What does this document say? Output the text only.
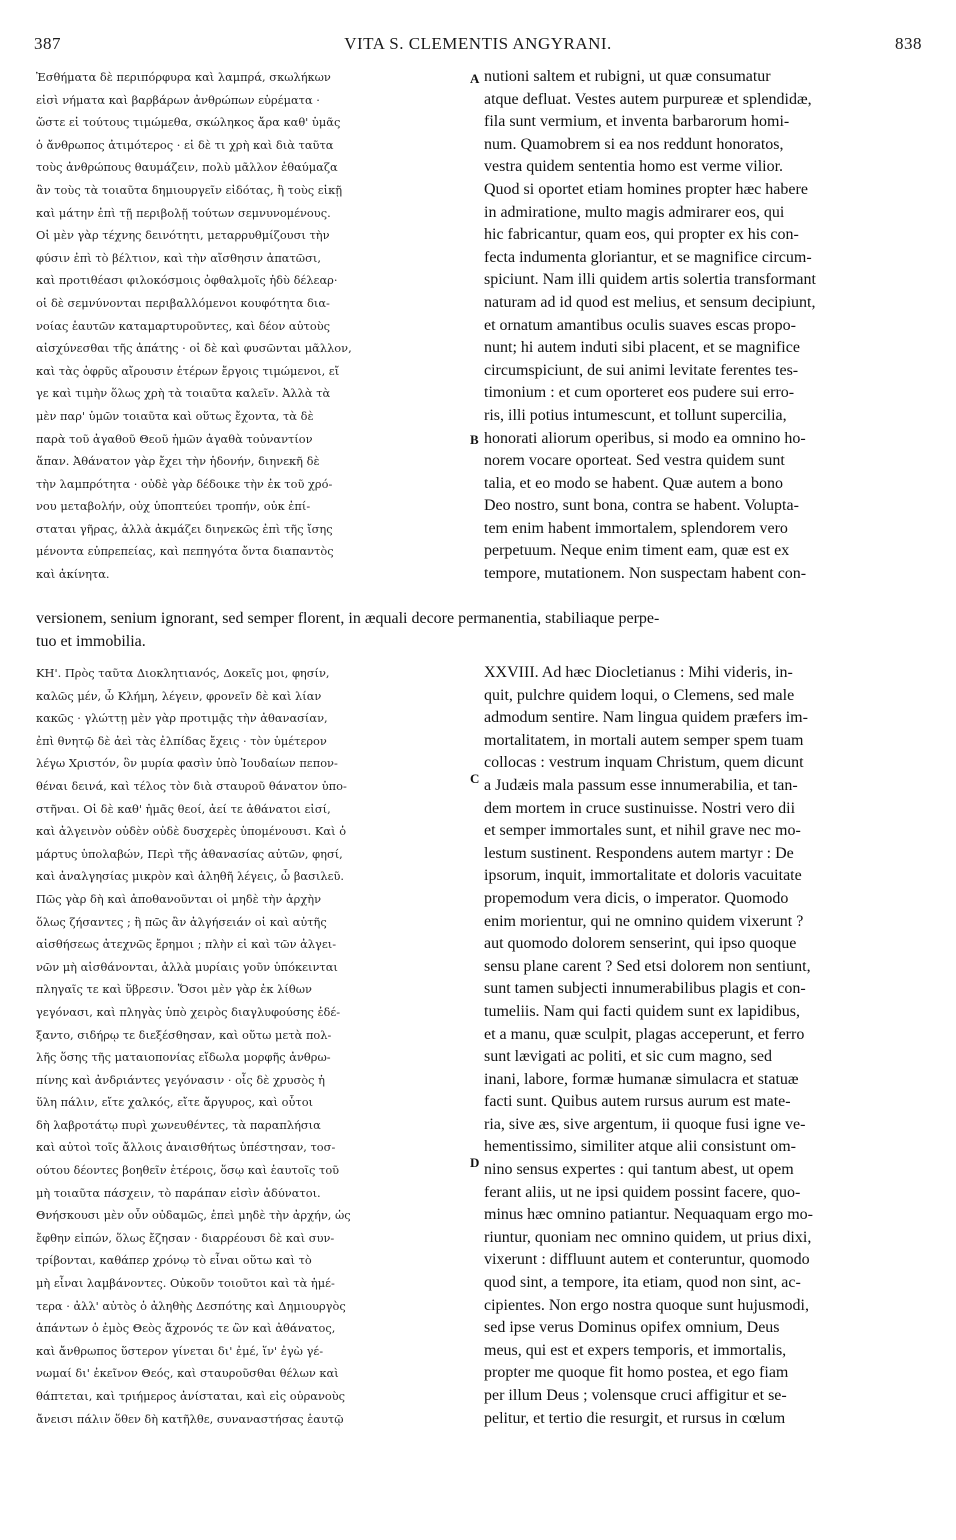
387	VITA S. CLEMENTIS ANGYRANI.	838
Ἐσθήματα δὲ περιπόρφυρα καὶ λαμπρά, σκωλήκων
εἰσὶ νήματα καὶ βαρβάρων ἀνθρώπων εὑρέματα ·
ὥστε εἰ τούτους τιμώμεθα, σκώληκος ἄρα καθ' ὑμᾶς
ὁ ἄνθρωπος ἀτιμότερος · εἰ δὲ τι χρὴ καὶ διὰ ταῦτα
τοὺς ἀνθρώπους θαυμάζειν, πολὺ μᾶλλον ἐθαύμαζα
ἂν τοὺς τὰ τοιαῦτα δημιουργεῖν εἰδότας, ἢ τοὺς εἰκῇ
καὶ μάτην ἐπὶ τῇ περιβολῇ τούτων σεμνυνομένους.
Οἱ μὲν γὰρ τέχνης δεινότητι, μεταρρυθμίζουσι τὴν
φύσιν ἐπὶ τὸ βέλτιον, καὶ τὴν αἴσθησιν ἀπατῶσι,
καὶ προτιθέασι φιλοκόσμοις ὀφθαλμοῖς ἡδὺ δέλεαρ·
οἱ δὲ σεμνύνονται περιβαλλόμενοι κουφότητα δια-
νοίας ἑαυτῶν καταμαρτυροῦντες, καὶ δέον αὐτοὺς
αἰσχύνεσθαι τῆς ἀπάτης · οἱ δὲ καὶ φυσῶνται μᾶλλον,
καὶ τὰς ὀφρῦς αἴρουσιν ἑτέρων ἔργοις τιμώμενοι, εἴ
γε καὶ τιμὴν ὅλως χρὴ τὰ τοιαῦτα καλεῖν. Ἀλλὰ τὰ
μὲν παρ' ὑμῶν τοιαῦτα καὶ οὕτως ἔχοντα, τὰ δὲ
παρὰ τοῦ ἀγαθοῦ Θεοῦ ἡμῶν ἀγαθὰ τοὐναντίον
ἅπαν. Ἀθάνατον γὰρ ἔχει τὴν ἡδονήν, διηνεκῆ δὲ
τὴν λαμπρότητα · οὐδὲ γὰρ δέδοικε τὴν ἐκ τοῦ χρό-
νου μεταβολήν, οὐχ ὑποπτεύει τροπήν, οὐκ ἐπί-
σταται γῆρας, ἀλλὰ ἀκμάζει διηνεκῶς ἐπὶ τῆς ἴσης
μένοντα εὐπρεπείας, καὶ πεπηγότα ὄντα διαπαντὸς
καὶ ἀκίνητα.
nutioni saltem et rubigni, ut quæ consumatur
atque defluat. Vestes autem purpureæ et splendidæ,
fila sunt vermium, et inventa barbarorum homi-
num. Quamobrem si ea nos reddunt honoratos,
vestra quidem sententia homo est verme vilior.
Quod si oportet etiam homines propter hæc habere
in admiratione, multo magis admirarer eos, qui
hic fabricantur, quam eos, qui propter ex his con-
fecta indumenta gloriantur, et se magnifice circum-
spiciunt. Nam illi quidem artis solertia transformant
naturam ad id quod est melius, et sensum decipiunt,
et ornatum amantibus oculis suaves escas propo-
nunt; hi autem induti sibi placent, et se magnifice
circumspiciunt, de sui animi levitate ferentes tes-
timonium : et cum oporteret eos pudere sui erro-
ris, illi potius intumescunt, et tollunt supercilia,
honorati aliorum operibus, si modo ea omnino ho-
norem vocare oporteat. Sed vestra quidem sunt
talia, et eo modo se habent. Quæ autem a bono
Deo nostro, sunt bona, contra se habent. Volupta-
tem enim habent immortalem, splendorem vero
perpetuum. Neque enim timent eam, quæ est ex
tempore, mutationem. Non suspectam habent con-
versionem, senium ignorant, sed semper florent, in æquali decore permanentia, stabiliaque perpe-
tuo et immobilia.
ΚΗ'. Πρὸς ταῦτα Διοκλητιανός, Δοκεῖς μοι, φησίν,
καλῶς μέν, ὦ Κλήμη, λέγειν, φρονεῖν δὲ καὶ λίαν
κακῶς · γλώττῃ μὲν γὰρ προτιμᾷς τὴν ἀθανασίαν,
ἐπὶ θνητῷ δὲ ἀεὶ τὰς ἐλπίδας ἔχεις · τὸν ὑμέτερον
λέγω Χριστόν, ὃν μυρία φασὶν ὑπὸ Ἰουδαίων πεπον-
θέναι δεινά, καὶ τέλος τὸν διὰ σταυροῦ θάνατον ὑπο-
στῆναι. Οἱ δὲ καθ' ἡμᾶς θεοί, ἀεί τε ἀθάνατοι εἰσί,
καὶ ἀλγεινὸν οὐδὲν οὐδὲ δυσχερὲς ὑπομένουσι. Καὶ ὁ
μάρτυς ὑπολαβών, Περὶ τῆς ἀθανασίας αὐτῶν, φησί,
καὶ ἀναλγησίας μικρὸν καὶ ἀληθῆ λέγεις, ὦ βασιλεῦ.
Πῶς γὰρ δὴ καὶ ἀποθανοῦνται οἱ μηδὲ τὴν ἀρχὴν
ὅλως ζήσαντες ; ἢ πῶς ἂν ἀλγήσειάν οἱ καὶ αὐτῆς
αἰσθήσεως ἀτεχνῶς ἔρημοι ; πλὴν εἰ καὶ τῶν ἀλγει-
νῶν μὴ αἰσθάνονται, ἀλλὰ μυρίαις γοῦν ὑπόκεινται
πληγαῖς τε καὶ ὕβρεσιν. Ὅσοι μὲν γὰρ ἐκ λίθων
γεγόνασι, καὶ πληγὰς ὑπὸ χειρὸς διαγλυφούσης ἐδέ-
ξαντο, σιδήρῳ τε διεξέσθησαν, καὶ οὕτω μετὰ πολ-
λῆς ὅσης τῆς ματαιοπονίας εἴδωλα μορφῆς ἀνθρω-
πίνης καὶ ἀνδριάντες γεγόνασιν · οἷς δὲ χρυσὸς ἡ
ὕλη πάλιν, εἴτε χαλκός, εἴτε ἄργυρος, καὶ οὗτοι
δὴ λαβροτάτῳ πυρὶ χωνευθέντες, τὰ παραπλήσια
καὶ αὐτοὶ τοῖς ἄλλοις ἀναισθήτως ὑπέστησαν, τοσ-
ούτου δέοντες βοηθεῖν ἑτέροις, ὅσῳ καὶ ἑαυτοῖς τοῦ
μὴ τοιαῦτα πάσχειν, τὸ παράπαν εἰσὶν ἀδύνατοι.
Θνήσκουσι μὲν οὖν οὐδαμῶς, ἐπεὶ μηδὲ τὴν ἀρχήν, ὡς
ἔφθην εἰπών, ὅλως ἔζησαν · διαρρέουσι δὲ καὶ συν-
τρίβονται, καθάπερ χρόνῳ τὸ εἶναι οὕτω καὶ τὸ
μὴ εἶναι λαμβάνοντες. Οὐκοῦν τοιοῦτοι καὶ τὰ ἡμέ-
τερα · ἀλλ' αὐτὸς ὁ ἀληθὴς Δεσπότης καὶ Δημιουργὸς
ἁπάντων ὁ ἐμὸς Θεὸς ἄχρονός τε ὢν καὶ ἀθάνατος,
καὶ ἄνθρωπος ὕστερον γίνεται δι' ἐμέ, ἵν' ἐγὼ γέ-
νωμαί δι' ἐκεῖνον Θεός, καὶ σταυροῦσθαι θέλων καὶ
θάπτεται, καὶ τριήμερος ἀνίσταται, καὶ εἰς οὐρανοὺς
ἄνεισι πάλιν ὅθεν δὴ κατῆλθε, συναναστήσας ἑαυτῷ
XXVIII. Ad hæc Diocletianus : Mihi videris, in-
quit, pulchre quidem loqui, o Clemens, sed male
admodum sentire. Nam lingua quidem præfers im-
mortalitatem, in mortali autem semper spem tuam
collocas : vestrum inquam Christum, quem dicunt
a Judæis mala passum esse innumerabilia, et tan-
dem mortem in cruce sustinuisse. Nostri vero dii
et semper immortales sunt, et nihil grave nec mo-
lestum sustinent. Respondens autem martyr : De
ipsorum, inquit, immortalitate et doloris vacuitate
propemodum vera dicis, o imperator. Quomodo
enim morientur, qui ne omnino quidem vixerunt ?
aut quomodo dolorem senserint, qui ipso quoque
sensu plane carent ? Sed etsi dolorem non sentiunt,
sunt tamen subjecti innumerabilibus plagis et con-
tumeliis. Nam qui facti quidem sunt ex lapidibus,
et a manu, quæ sculpit, plagas acceperunt, et ferro
sunt lævigati ac politi, et sic cum magno, sed
inani, labore, formæ humanæ simulacra et statuæ
facti sunt. Quibus autem rursus aurum est mate-
ria, sive æs, sive argentum, ii quoque fusi igne ve-
hementissimo, similiter atque alii consistunt om-
nino sensus expertes : qui tantum abest, ut opem
ferant aliis, ut ne ipsi quidem possint facere, quo-
minus hæc omnino patiantur. Nequaquam ergo mo-
riuntur, quoniam nec omnino quidem, ut prius dixi,
vixerunt : diffluunt autem et conteruntur, quomodo
quod sint, a tempore, ita etiam, quod non sint, ac-
cipientes. Non ergo nostra quoque sunt hujusmodi,
sed ipse verus Dominus opifex omnium, Deus
meus, qui est et expers temporis, et immortalis,
propter me quoque fit homo postea, et ego fiam
per illum Deus ; volensque cruci affigitur et se-
pelitur, et tertio die resurgit, et rursus in cœlum
A
B
C
D
